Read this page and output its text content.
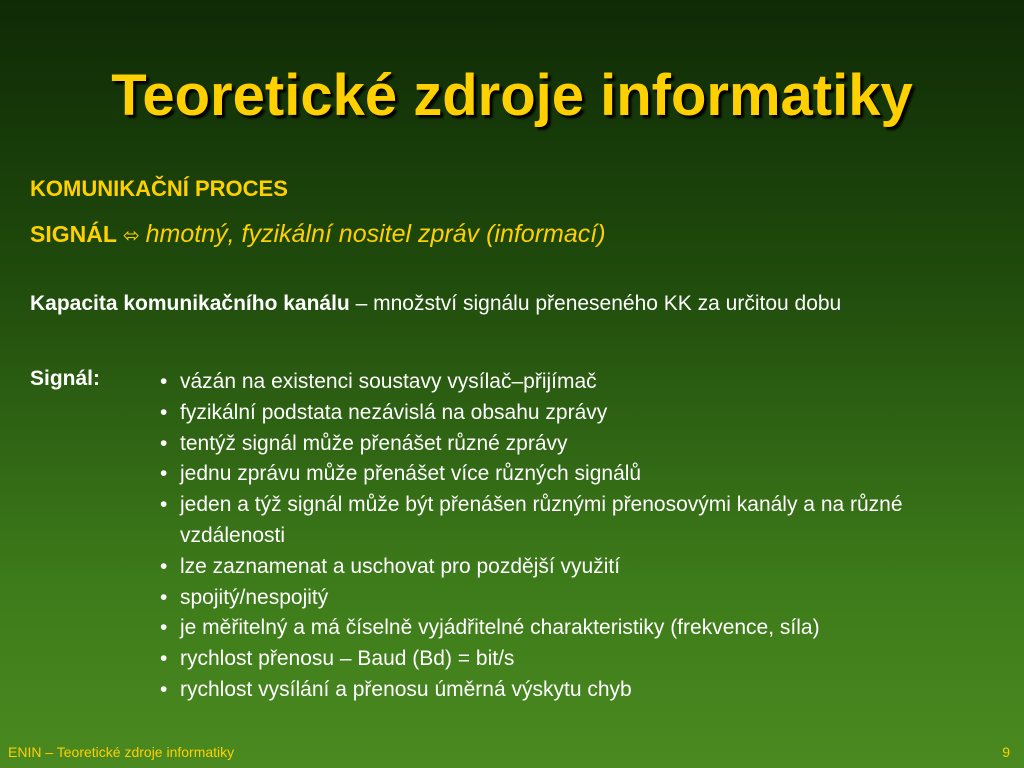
Teoretické zdroje informatiky
KOMUNIKAČNÍ PROCES
SIGNÁL ⬄ hmotný, fyzikální nositel zpráv (informací)
Kapacita komunikačního kanálu – množství signálu přeneseného KK za určitou dobu
Signál:	• vázán na existenci soustavy vysílač–přijímač
• fyzikální podstata nezávislá na obsahu zprávy
• tentýž signál může přenášet různé zprávy
• jednu zprávu může přenášet více různých signálů
• jeden a týž signál může být přenášen různými přenosovými kanály a na různé vzdálenosti
• lze zaznamenat a uschovat pro pozdější využití
• spojitý/nespojitý
• je měřitelný a má číselně vyjádřitelné charakteristiky (frekvence, síla)
• rychlost přenosu – Baud (Bd) = bit/s
• rychlost vysílání a přenosu úměrná výskytu chyb
ENIN – Teoretické zdroje informatiky	9
